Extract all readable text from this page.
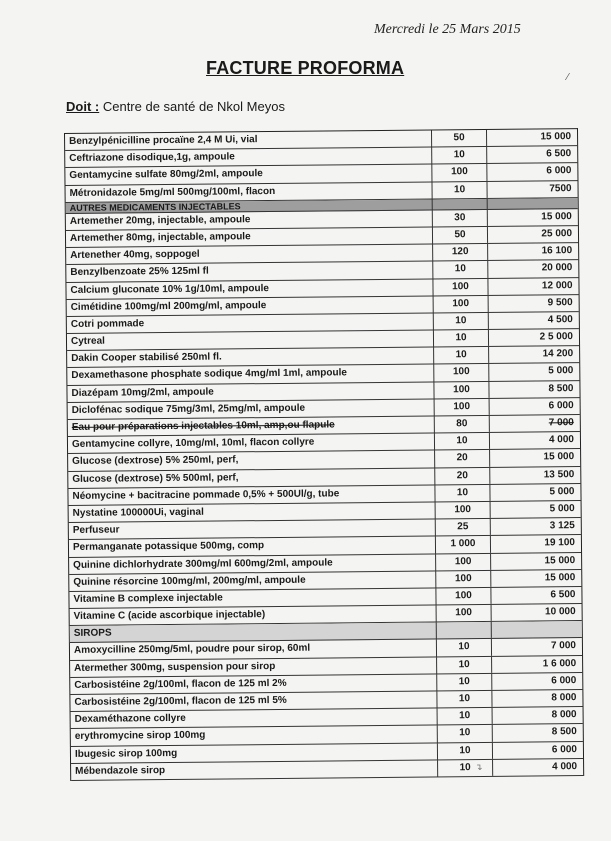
Mercredi le 25 Mars 2015
FACTURE PROFORMA
Doit : Centre de santé de Nkol Meyos
⁄
↴
Benzylpénicilline procaïne 2,4 M Ui, vial	50	15 000
Ceftriazone disodique,1g, ampoule	10	6 500
Gentamycine sulfate 80mg/2ml, ampoule	100	6 000
Métronidazole 5mg/ml 500mg/100ml, flacon	10	7500
AUTRES MEDICAMENTS INJECTABLES
Artemether 20mg, injectable, ampoule	30	15 000
Artemether 80mg, injectable, ampoule	50	25 000
Artenether 40mg, soppogel	120	16 100
Benzylbenzoate 25% 125ml fl	10	20 000
Calcium gluconate 10% 1g/10ml, ampoule	100	12 000
Cimétidine 100mg/ml 200mg/ml, ampoule	100	9 500
Cotri pommade	10	4 500
Cytreal	10	2 5 000
Dakin Cooper stabilisé 250ml fl.	10	14 200
Dexamethasone phosphate sodique 4mg/ml 1ml, ampoule	100	5 000
Diazépam 10mg/2ml, ampoule	100	8 500
Diclofénac sodique 75mg/3ml, 25mg/ml, ampoule	100	6 000
Eau pour préparations injectables 10ml, amp,ou flapule	80	7 000
Gentamycine collyre, 10mg/ml, 10ml, flacon collyre	10	4 000
Glucose (dextrose) 5% 250ml, perf,	20	15 000
Glucose (dextrose) 5% 500ml, perf,	20	13 500
Néomycine + bacitracine pommade 0,5% + 500Ul/g, tube	10	5 000
Nystatine 100000Ui, vaginal	100	5 000
Perfuseur	25	3 125
Permanganate potassique 500mg, comp	1 000	19 100
Quinine dichlorhydrate 300mg/ml 600mg/2ml, ampoule	100	15 000
Quinine résorcine 100mg/ml, 200mg/ml, ampoule	100	15 000
Vitamine B complexe injectable	100	6 500
Vitamine C (acide ascorbique injectable)	100	10 000
SIROPS
Amoxycilline 250mg/5ml, poudre pour sirop, 60ml	10	7 000
Atermether 300mg, suspension pour sirop	10	1 6 000
Carbosistéine 2g/100ml, flacon de 125 ml 2%	10	6 000
Carbosistéine 2g/100ml, flacon de 125 ml 5%	10	8 000
Dexaméthazone collyre	10	8 000
erythromycine sirop 100mg	10	8 500
Ibugesic sirop 100mg	10	6 000
Mébendazole sirop	10	4 000
